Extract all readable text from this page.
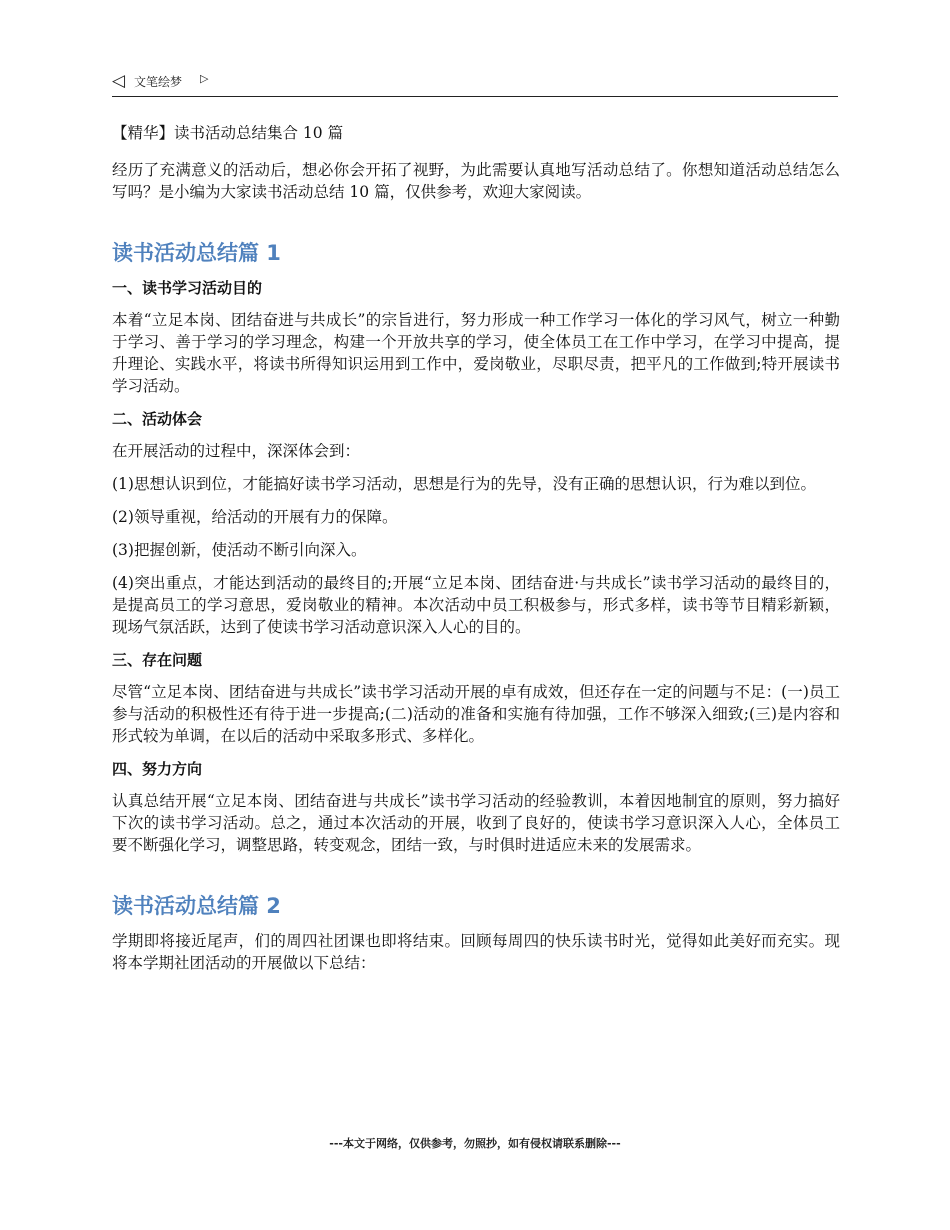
◁ 文笔绘梦 ▷
【精华】读书活动总结集合 10 篇

经历了充满意义的活动后，想必你会开拓了视野，为此需要认真地写活动总结了。你想知道活动总结怎么写吗？是小编为大家读书活动总结 10 篇，仅供参考，欢迎大家阅读。

读书活动总结篇 1
一、读书学习活动目的

本着“立足本岗、团结奋进与共成长”的宗旨进行，努力形成一种工作学习一体化的学习风气，树立一种勤于学习、善于学习的学习理念，构建一个开放共享的学习，使全体员工在工作中学习，在学习中提高，提升理论、实践水平，将读书所得知识运用到工作中，爱岗敬业，尽职尽责，把平凡的工作做到;特开展读书学习活动。

二、活动体会

在开展活动的过程中，深深体会到：

(1)思想认识到位，才能搞好读书学习活动，思想是行为的先导，没有正确的思想认识，行为难以到位。

(2)领导重视，给活动的开展有力的保障。

(3)把握创新，使活动不断引向深入。

(4)突出重点，才能达到活动的最终目的;开展“立足本岗、团结奋进·与共成长”读书学习活动的最终目的，是提高员工的学习意思，爱岗敬业的精神。本次活动中员工积极参与，形式多样，读书等节目精彩新颖，现场气氛活跃，达到了使读书学习活动意识深入人心的目的。

三、存在问题

尽管“立足本岗、团结奋进与共成长”读书学习活动开展的卓有成效，但还存在一定的问题与不足：(一)员工参与活动的积极性还有待于进一步提高;(二)活动的准备和实施有待加强，工作不够深入细致;(三)是内容和形式较为单调，在以后的活动中采取多形式、多样化。

四、努力方向

认真总结开展“立足本岗、团结奋进与共成长”读书学习活动的经验教训，本着因地制宜的原则，努力搞好下次的读书学习活动。总之，通过本次活动的开展，收到了良好的，使读书学习意识深入人心，全体员工要不断强化学习，调整思路，转变观念，团结一致，与时俱时进适应未来的发展需求。

读书活动总结篇 2

学期即将接近尾声，们的周四社团课也即将结束。回顾每周四的快乐读书时光，觉得如此美好而充实。现将本学期社团活动的开展做以下总结：

---本文于网络，仅供参考，勿照抄，如有侵权请联系删除---
